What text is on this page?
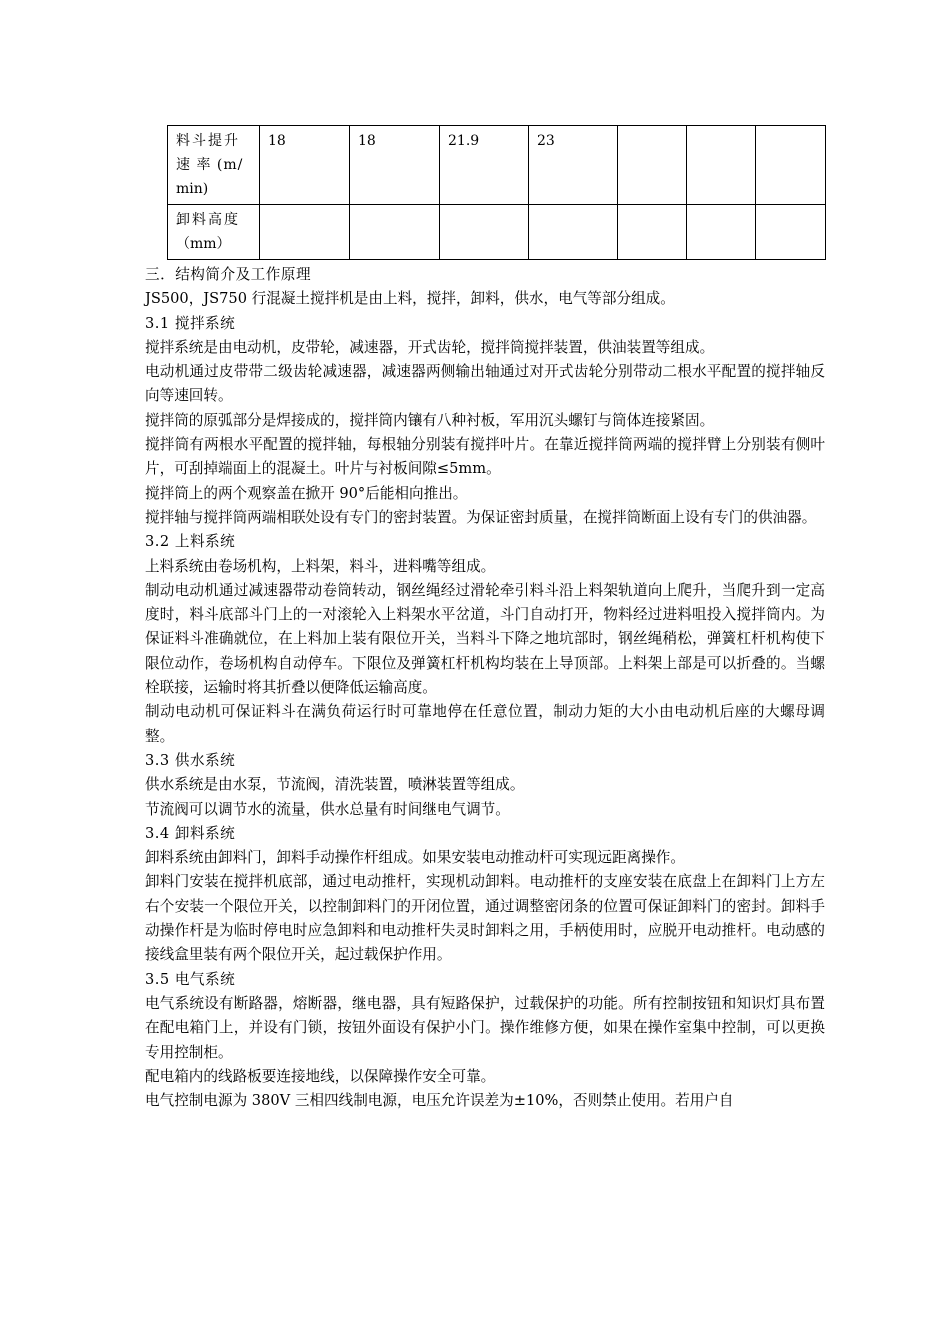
料斗提升
速 率 (m/
min)	18	18	21.9	23			

卸料高度
（mm）							

三．结构简介及工作原理

JS500，JS750 行混凝土搅拌机是由上料，搅拌，卸料，供水，电气等部分组成。

3.1 搅拌系统

搅拌系统是由电动机，皮带轮，减速器，开式齿轮，搅拌筒搅拌装置，供油装置等组成。

电动机通过皮带带二级齿轮减速器，减速器两侧输出轴通过对开式齿轮分别带动二根水平配置的搅拌轴反向等速回转。

搅拌筒的原弧部分是焊接成的，搅拌筒内镶有八种衬板，军用沉头螺钉与筒体连接紧固。

搅拌筒有两根水平配置的搅拌轴，每根轴分别装有搅拌叶片。在靠近搅拌筒两端的搅拌臂上分别装有侧叶片，可刮掉端面上的混凝土。叶片与衬板间隙≤5mm。

搅拌筒上的两个观察盖在掀开 90°后能相向推出。

搅拌轴与搅拌筒两端相联处设有专门的密封装置。为保证密封质量，在搅拌筒断面上设有专门的供油器。

3.2 上料系统

上料系统由卷场机构，上料架，料斗，进料嘴等组成。

制动电动机通过减速器带动卷筒转动，钢丝绳经过滑轮牵引料斗沿上料架轨道向上爬升，当爬升到一定高度时，料斗底部斗门上的一对滚轮入上料架水平岔道，斗门自动打开，物料经过进料咀投入搅拌筒内。为保证料斗准确就位，在上料加上装有限位开关，当料斗下降之地坑部时，钢丝绳稍松，弹簧杠杆机构使下限位动作，卷场机构自动停车。下限位及弹簧杠杆机构均装在上导顶部。上料架上部是可以折叠的。当螺栓联接，运输时将其折叠以便降低运输高度。

制动电动机可保证料斗在满负荷运行时可靠地停在任意位置，制动力矩的大小由电动机后座的大螺母调整。

3.3 供水系统

供水系统是由水泵，节流阀，清洗装置，喷淋装置等组成。

节流阀可以调节水的流量，供水总量有时间继电气调节。

3.4 卸料系统

卸料系统由卸料门，卸料手动操作杆组成。如果安装电动推动杆可实现远距离操作。

卸料门安装在搅拌机底部，通过电动推杆，实现机动卸料。电动推杆的支座安装在底盘上在卸料门上方左右个安装一个限位开关，以控制卸料门的开闭位置，通过调整密闭条的位置可保证卸料门的密封。卸料手动操作杆是为临时停电时应急卸料和电动推杆失灵时卸料之用，手柄使用时，应脱开电动推杆。电动感的接线盒里装有两个限位开关，起过载保护作用。

3.5 电气系统

电气系统设有断路器，熔断器，继电器，具有短路保护，过载保护的功能。所有控制按钮和知识灯具布置在配电箱门上，并设有门锁，按钮外面设有保护小门。操作维修方便，如果在操作室集中控制，可以更换专用控制柜。

配电箱内的线路板要连接地线，以保障操作安全可靠。

电气控制电源为 380V 三相四线制电源，电压允许误差为±10%，否则禁止使用。若用户自
